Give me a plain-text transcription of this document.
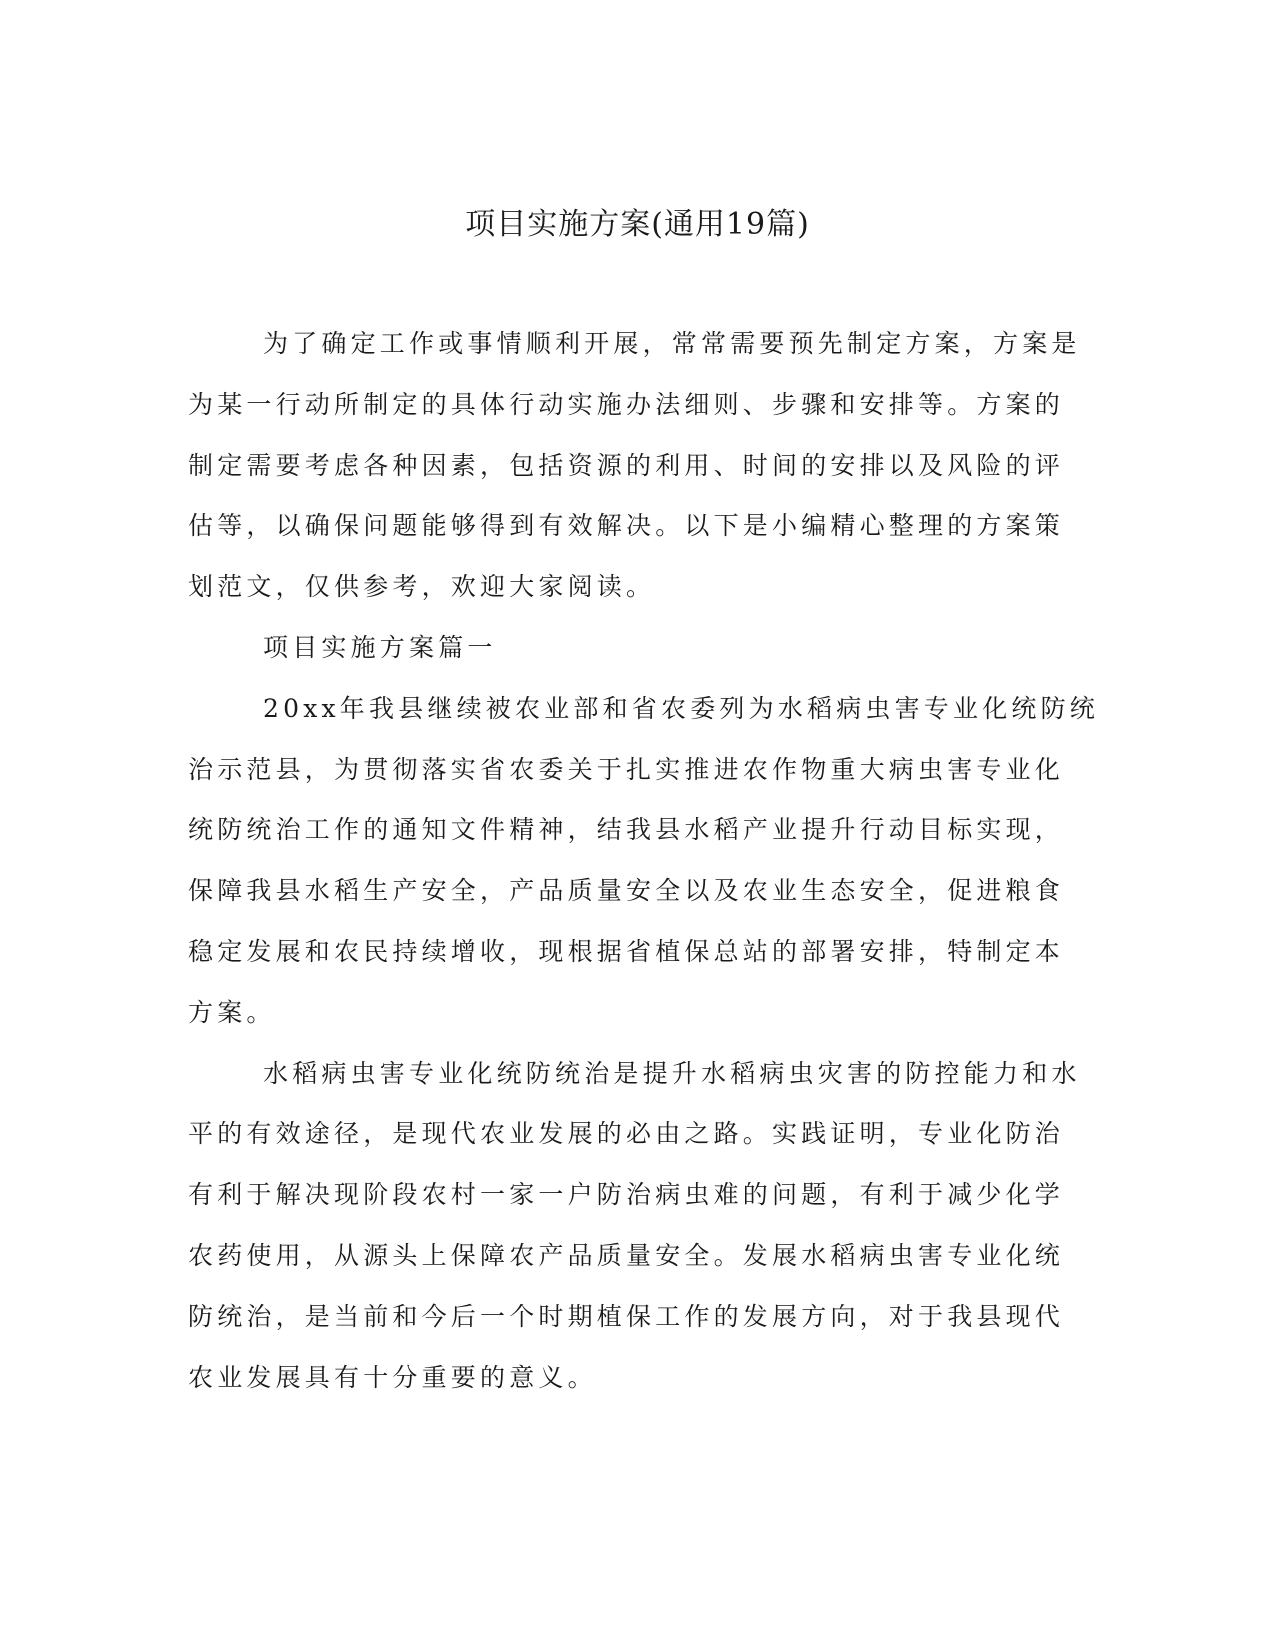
项目实施方案(通用19篇)
为了确定工作或事情顺利开展，常常需要预先制定方案，方案是
为某一行动所制定的具体行动实施办法细则、步骤和安排等。方案的
制定需要考虑各种因素，包括资源的利用、时间的安排以及风险的评
估等，以确保问题能够得到有效解决。以下是小编精心整理的方案策
划范文，仅供参考，欢迎大家阅读。
项目实施方案篇一
20xx年我县继续被农业部和省农委列为水稻病虫害专业化统防统
治示范县，为贯彻落实省农委关于扎实推进农作物重大病虫害专业化
统防统治工作的通知文件精神，结我县水稻产业提升行动目标实现，
保障我县水稻生产安全，产品质量安全以及农业生态安全，促进粮食
稳定发展和农民持续增收，现根据省植保总站的部署安排，特制定本
方案。
水稻病虫害专业化统防统治是提升水稻病虫灾害的防控能力和水
平的有效途径，是现代农业发展的必由之路。实践证明，专业化防治
有利于解决现阶段农村一家一户防治病虫难的问题，有利于减少化学
农药使用，从源头上保障农产品质量安全。发展水稻病虫害专业化统
防统治，是当前和今后一个时期植保工作的发展方向，对于我县现代
农业发展具有十分重要的意义。
